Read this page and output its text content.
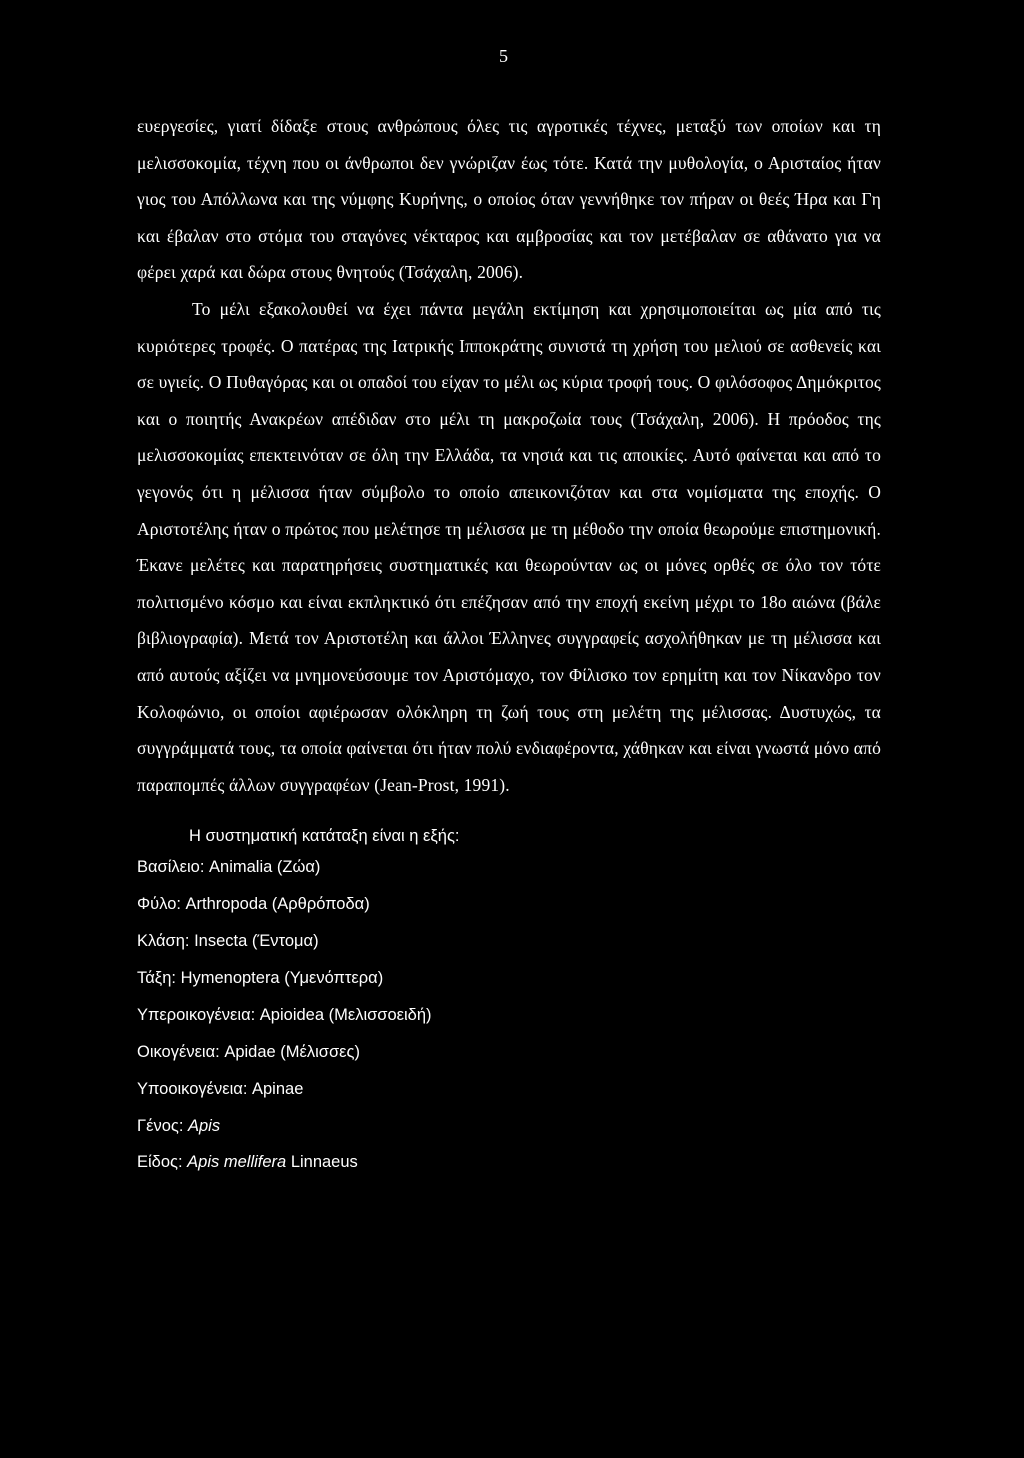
5

ευεργεσίες, γιατί δίδαξε στους ανθρώπους όλες τις αγροτικές τέχνες, μεταξύ των οποίων και τη μελισσοκομία, τέχνη που οι άνθρωποι δεν γνώριζαν έως τότε. Κατά την μυθολογία, ο Αρισταίος ήταν γιος του Απόλλωνα και της νύμφης Κυρήνης, ο οποίος όταν γεννήθηκε τον πήραν οι θεές Ήρα και Γη και έβαλαν στο στόμα του σταγόνες νέκταρος και αμβροσίας και τον μετέβαλαν σε αθάνατο για να φέρει χαρά και δώρα στους θνητούς (Τσάχαλη, 2006).

Το μέλι εξακολουθεί να έχει πάντα μεγάλη εκτίμηση και χρησιμοποιείται ως μία από τις κυριότερες τροφές. Ο πατέρας της Ιατρικής Ιπποκράτης συνιστά τη χρήση του μελιού σε ασθενείς και σε υγιείς. Ο Πυθαγόρας και οι οπαδοί του είχαν το μέλι ως κύρια τροφή τους. Ο φιλόσοφος Δημόκριτος και ο ποιητής Ανακρέων απέδιδαν στο μέλι τη μακροζωία τους (Τσάχαλη, 2006). Η πρόοδος της μελισσοκομίας επεκτεινόταν σε όλη την Ελλάδα, τα νησιά και τις αποικίες. Αυτό φαίνεται και από το γεγονός ότι η μέλισσα ήταν σύμβολο το οποίο απεικονιζόταν και στα νομίσματα της εποχής. Ο Αριστοτέλης ήταν ο πρώτος που μελέτησε τη μέλισσα με τη μέθοδο την οποία θεωρούμε επιστημονική. Έκανε μελέτες και παρατηρήσεις συστηματικές και θεωρούνταν ως οι μόνες ορθές σε όλο τον τότε πολιτισμένο κόσμο και είναι εκπληκτικό ότι επέζησαν από την εποχή εκείνη μέχρι το 18ο αιώνα (βάλε βιβλιογραφία). Μετά τον Αριστοτέλη και άλλοι Έλληνες συγγραφείς ασχολήθηκαν με τη μέλισσα και από αυτούς αξίζει να μνημονεύσουμε τον Αριστόμαχο, τον Φίλισκο τον ερημίτη και τον Νίκανδρο τον Κολοφώνιο, οι οποίοι αφιέρωσαν ολόκληρη τη ζωή τους στη μελέτη της μέλισσας. Δυστυχώς, τα συγγράμματά τους, τα οποία φαίνεται ότι ήταν πολύ ενδιαφέροντα, χάθηκαν και είναι γνωστά μόνο από παραπομπές άλλων συγγραφέων (Jean-Prost, 1991).

Η συστηματική κατάταξη είναι η εξής:
Βασίλειο: Animalia (Ζώα)
Φύλο: Arthropoda (Αρθρόποδα)
Κλάση: Insecta (Έντομα)
Τάξη: Hymenoptera (Υμενόπτερα)
Υπεροικογένεια: Apioidea (Μελισσοειδή)
Οικογένεια: Apidae (Μέλισσες)
Υποοικογένεια: Apinae
Γένος: Apis
Είδος: Apis mellifera Linnaeus
